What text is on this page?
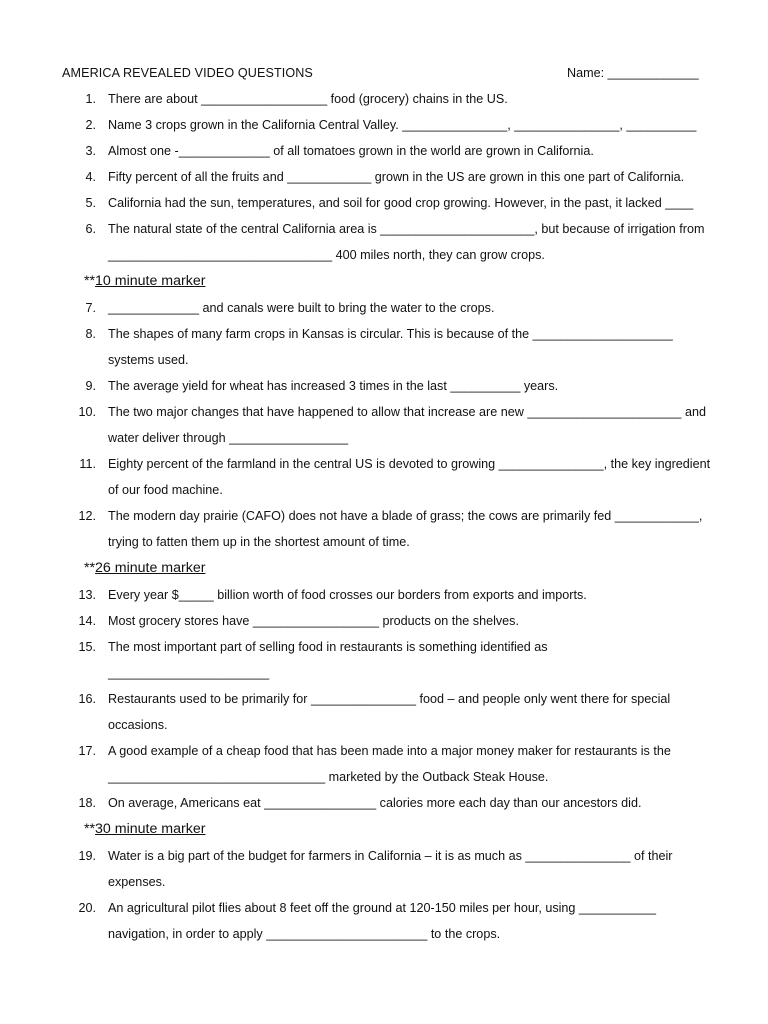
AMERICA REVEALED VIDEO QUESTIONS	Name: _____________

1. There are about __________________ food (grocery) chains in the US.

2. Name 3 crops grown in the California Central Valley. _______________, _______________, __________

3. Almost one -_____________ of all tomatoes grown in the world are grown in California.

4. Fifty percent of all the fruits and ____________ grown in the US are grown in this one part of California.

5. California had the sun, temperatures, and soil for good crop growing. However, in the past, it lacked ____

6. The natural state of the central California area is ______________________, but because of irrigation from ________________________________ 400 miles north, they can grow crops.

**10 minute marker

7. _____________ and canals were built to bring the water to the crops.

8. The shapes of many farm crops in Kansas is circular. This is because of the ____________________ systems used.

9. The average yield for wheat has increased 3 times in the last __________ years.

10. The two major changes that have happened to allow that increase are new ______________________ and water deliver through _________________

11. Eighty percent of the farmland in the central US is devoted to growing _______________, the key ingredient of our food machine.

12. The modern day prairie (CAFO) does not have a blade of grass; the cows are primarily fed ____________, trying to fatten them up in the shortest amount of time.

**26 minute marker

13. Every year $_____ billion worth of food crosses our borders from exports and imports.

14. Most grocery stores have __________________ products on the shelves.

15. The most important part of selling food in restaurants is something identified as _______________________

16. Restaurants used to be primarily for _______________ food – and people only went there for special occasions.

17. A good example of a cheap food that has been made into a major money maker for restaurants is the _______________________________ marketed by the Outback Steak House.

18. On average, Americans eat ________________ calories more each day than our ancestors did.

**30 minute marker

19. Water is a big part of the budget for farmers in California – it is as much as _______________ of their expenses.

20. An agricultural pilot flies about 8 feet off the ground at 120-150 miles per hour, using ___________ navigation, in order to apply _______________________ to the crops.
